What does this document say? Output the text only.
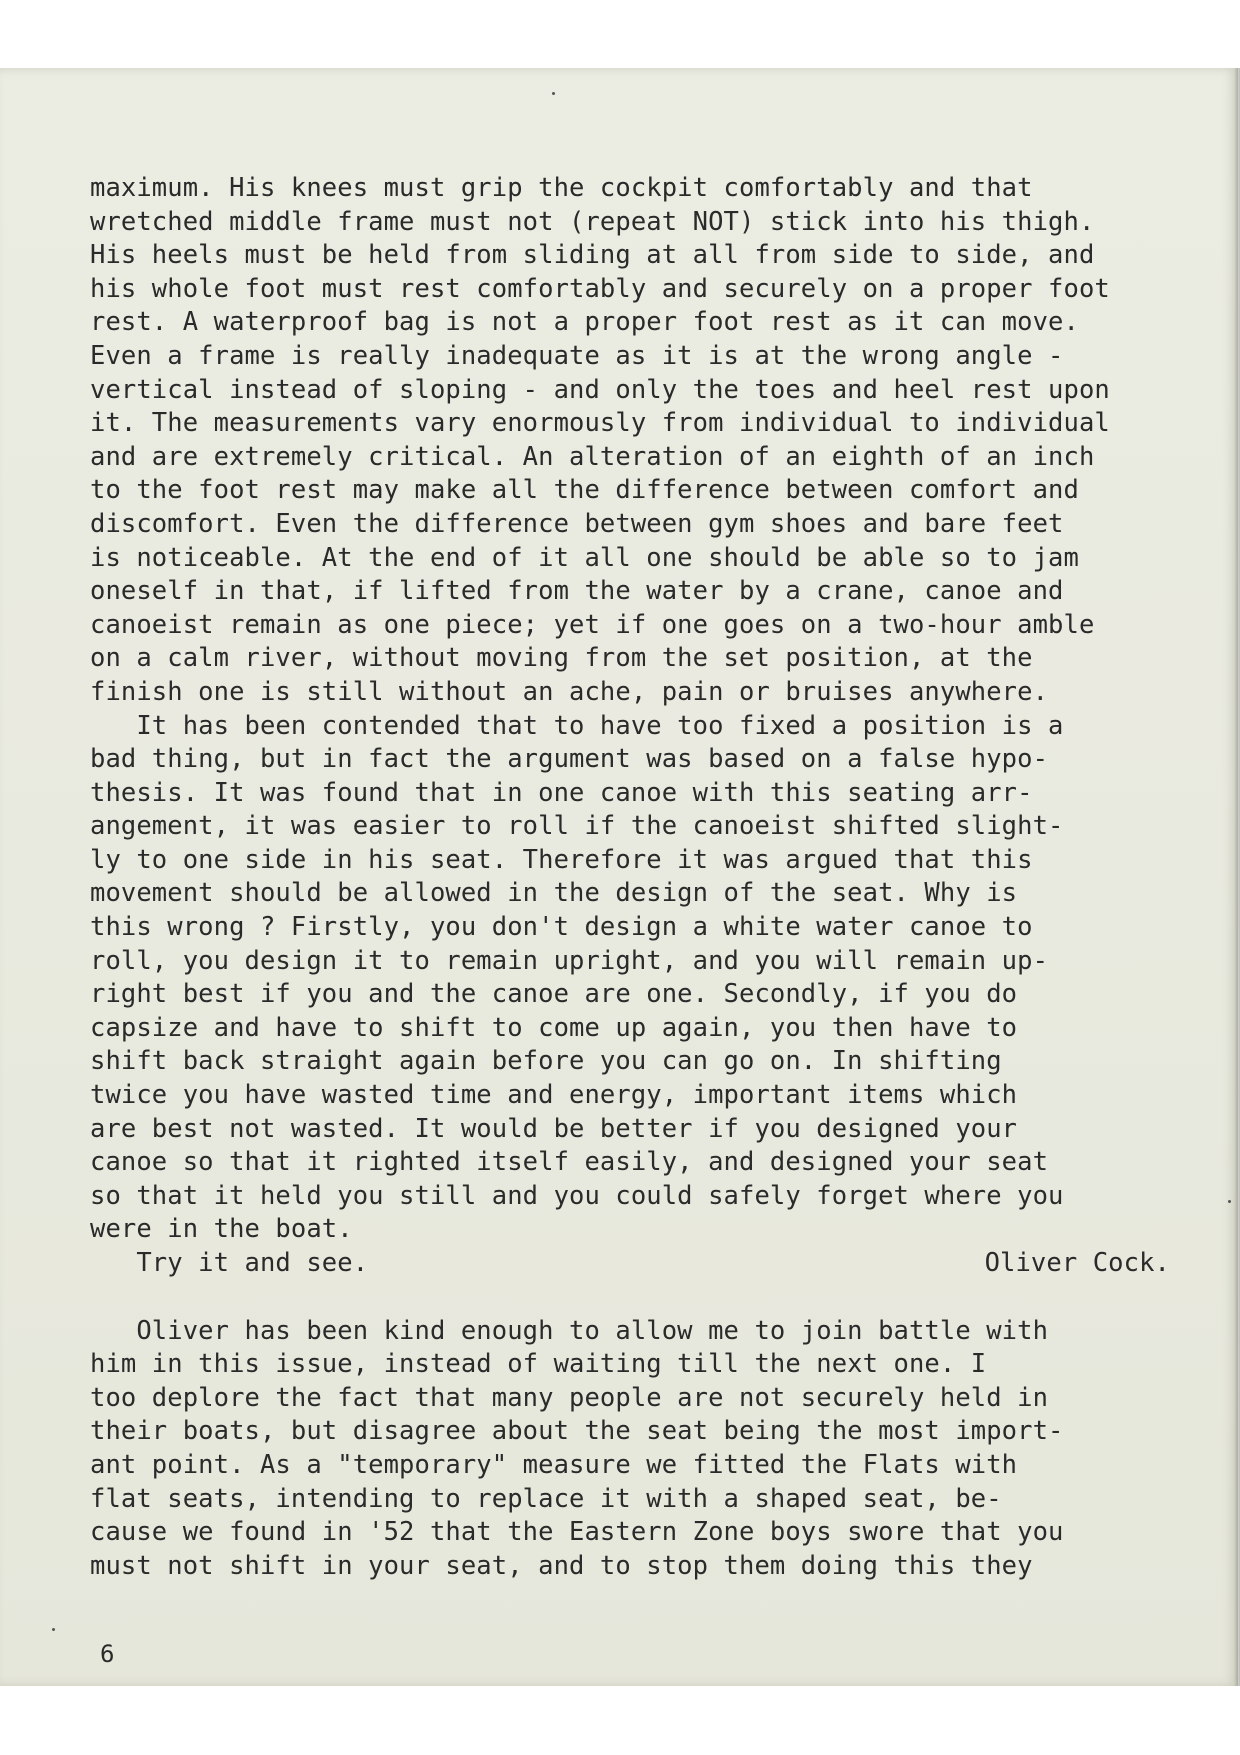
maximum. His knees must grip the cockpit comfortably and that
wretched middle frame must not (repeat NOT) stick into his thigh.
His heels must be held from sliding at all from side to side, and
his whole foot must rest comfortably and securely on a proper foot
rest. A waterproof bag is not a proper foot rest as it can move.
Even a frame is really inadequate as it is at the wrong angle -
vertical instead of sloping - and only the toes and heel rest upon
it. The measurements vary enormously from individual to individual
and are extremely critical. An alteration of an eighth of an inch
to the foot rest may make all the difference between comfort and
discomfort. Even the difference between gym shoes and bare feet
is noticeable. At the end of it all one should be able so to jam
oneself in that, if lifted from the water by a crane, canoe and
canoeist remain as one piece; yet if one goes on a two-hour amble
on a calm river, without moving from the set position, at the
finish one is still without an ache, pain or bruises anywhere.
It has been contended that to have too fixed a position is a
bad thing, but in fact the argument was based on a false hypo-
thesis. It was found that in one canoe with this seating arr-
angement, it was easier to roll if the canoeist shifted slight-
ly to one side in his seat. Therefore it was argued that this
movement should be allowed in the design of the seat. Why is
this wrong ? Firstly, you don't design a white water canoe to
roll, you design it to remain upright, and you will remain up-
right best if you and the canoe are one. Secondly, if you do
capsize and have to shift to come up again, you then have to
shift back straight again before you can go on. In shifting
twice you have wasted time and energy, important items which
are best not wasted. It would be better if you designed your
canoe so that it righted itself easily, and designed your seat
so that it held you still and you could safely forget where you
were in the boat.
Try it and see.	Oliver Cock.
Oliver has been kind enough to allow me to join battle with
him in this issue, instead of waiting till the next one. I
too deplore the fact that many people are not securely held in
their boats, but disagree about the seat being the most import-
ant point. As a "temporary" measure we fitted the Flats with
flat seats, intending to replace it with a shaped seat, be-
cause we found in '52 that the Eastern Zone boys swore that you
must not shift in your seat, and to stop them doing this they
6
